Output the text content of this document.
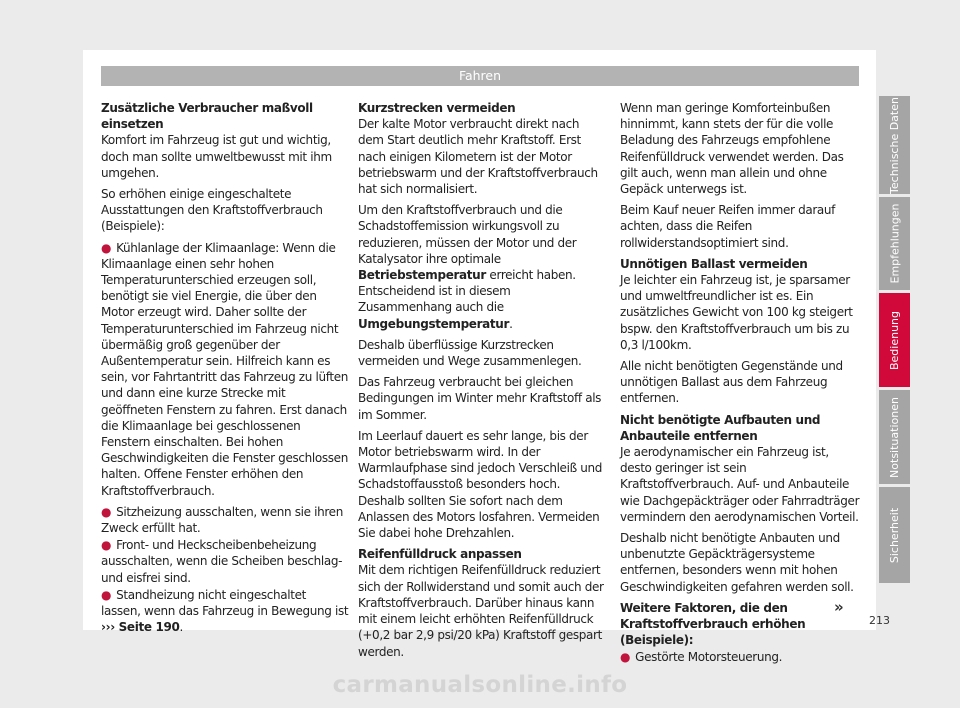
Fahren
Zusätzliche Verbraucher maßvoll einsetzen

Komfort im Fahrzeug ist gut und wichtig, doch man sollte umweltbewusst mit ihm umgehen.

So erhöhen einige eingeschaltete Ausstattungen den Kraftstoffverbrauch (Beispiele):

● Kühlanlage der Klimaanlage: Wenn die Klimaanlage einen sehr hohen Temperaturunterschied erzeugen soll, benötigt sie viel Energie, die über den Motor erzeugt wird. Daher sollte der Temperaturunterschied im Fahrzeug nicht übermäßig groß gegenüber der Außentemperatur sein. Hilfreich kann es sein, vor Fahrtantritt das Fahrzeug zu lüften und dann eine kurze Strecke mit geöffneten Fenstern zu fahren. Erst danach die Klimaanlage bei geschlossenen Fenstern einschalten. Bei hohen Geschwindigkeiten die Fenster geschlossen halten. Offene Fenster erhöhen den Kraftstoffverbrauch.

● Sitzheizung ausschalten, wenn sie ihren Zweck erfüllt hat.

● Front- und Heckscheibenbeheizung ausschalten, wenn die Scheiben beschlag- und eisfrei sind.

● Standheizung nicht eingeschaltet lassen, wenn das Fahrzeug in Bewegung ist ››› Seite 190.

Kurzstrecken vermeiden

Der kalte Motor verbraucht direkt nach dem Start deutlich mehr Kraftstoff. Erst nach einigen Kilometern ist der Motor betriebswarm und der Kraftstoffverbrauch hat sich normalisiert.

Um den Kraftstoffverbrauch und die Schadstoffemission wirkungsvoll zu reduzieren, müssen der Motor und der Katalysator ihre optimale Betriebstemperatur erreicht haben. Entscheidend ist in diesem Zusammenhang auch die Umgebungstemperatur.

Deshalb überflüssige Kurzstrecken vermeiden und Wege zusammenlegen.

Das Fahrzeug verbraucht bei gleichen Bedingungen im Winter mehr Kraftstoff als im Sommer.

Im Leerlauf dauert es sehr lange, bis der Motor betriebswarm wird. In der Warmlaufphase sind jedoch Verschleiß und Schadstoffausstoß besonders hoch. Deshalb sollten Sie sofort nach dem Anlassen des Motors losfahren. Vermeiden Sie dabei hohe Drehzahlen.

Reifenfülldruck anpassen

Mit dem richtigen Reifenfülldruck reduziert sich der Rollwiderstand und somit auch der Kraftstoffverbrauch. Darüber hinaus kann mit einem leicht erhöhten Reifenfülldruck (+0,2 bar 2,9 psi/20 kPa) Kraftstoff gespart werden.

Wenn man geringe Komforteinbußen hinnimmt, kann stets der für die volle Beladung des Fahrzeugs empfohlene Reifenfülldruck verwendet werden. Das gilt auch, wenn man allein und ohne Gepäck unterwegs ist.

Beim Kauf neuer Reifen immer darauf achten, dass die Reifen rollwiderstandsoptimiert sind.

Unnötigen Ballast vermeiden

Je leichter ein Fahrzeug ist, je sparsamer und umweltfreundlicher ist es. Ein zusätzliches Gewicht von 100 kg steigert bspw. den Kraftstoffverbrauch um bis zu 0,3 l/100km.

Alle nicht benötigten Gegenstände und unnötigen Ballast aus dem Fahrzeug entfernen.

Nicht benötigte Aufbauten und Anbauteile entfernen

Je aerodynamischer ein Fahrzeug ist, desto geringer ist sein Kraftstoffverbrauch. Auf- und Anbauteile wie Dachgepäckträger oder Fahrradträger vermindern den aerodynamischen Vorteil.

Deshalb nicht benötigte Anbauten und unbenutzte Gepäckträgersysteme entfernen, besonders wenn mit hohen Geschwindigkeiten gefahren werden soll.

Weitere Faktoren, die den Kraftstoffverbrauch erhöhen (Beispiele):

● Gestörte Motorsteuerung.

Technische Daten
Empfehlungen
Bedienung
Notsituationen
Sicherheit
»
213
carmanualsonline.info
